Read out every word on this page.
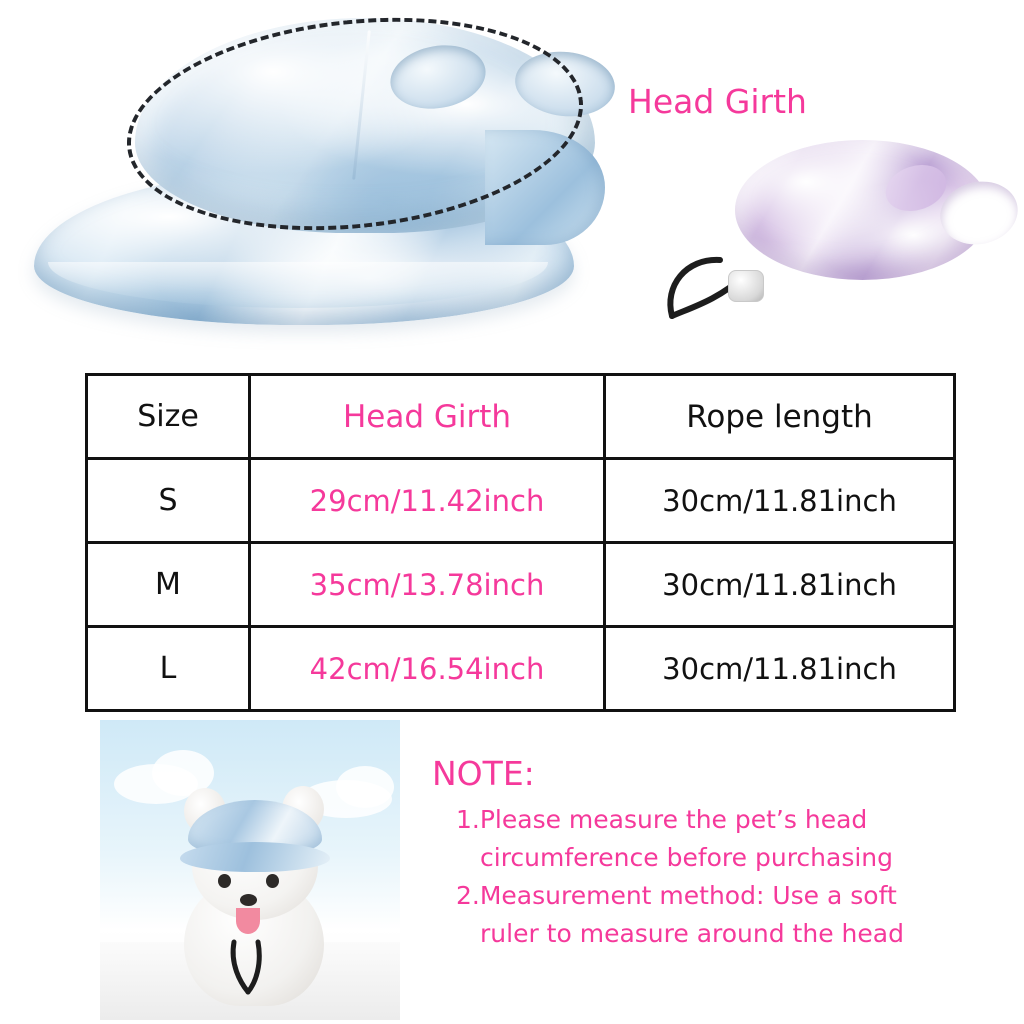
Head Girth
Size	Head Girth	Rope length
S	29cm/11.42inch	30cm/11.81inch
M	35cm/13.78inch	30cm/11.81inch
L	42cm/16.54inch	30cm/11.81inch
NOTE:
1.Please measure the pet’s head
circumference before purchasing
2.Measurement method: Use a soft
ruler to measure around the head
